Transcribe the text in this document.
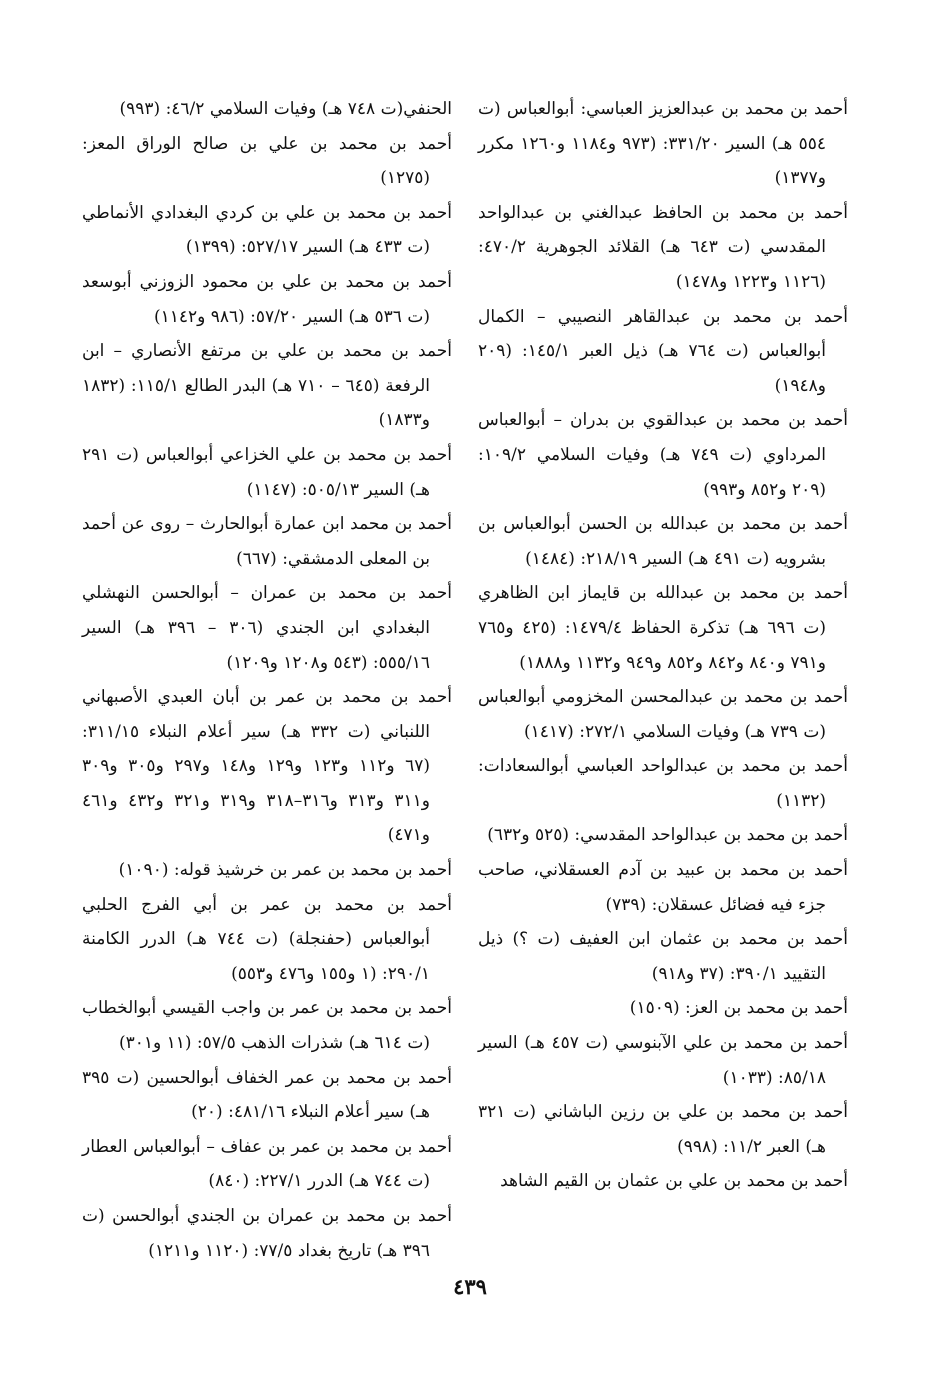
أحمد بن محمد بن عبدالعزيز العباسي: أبوالعباس (ت ٥٥٤ هـ) السير ٣٣١/٢٠: (٩٧٣ و١١٨٤ و١٢٦٠ مكرر و١٣٧٧)

أحمد بن محمد بن الحافظ عبدالغني بن عبدالواحد المقدسي (ت ٦٤٣ هـ) القلائد الجوهرية ٤٧٠/٢: (١١٢٦ و١٢٢٣ و١٤٧٨)

أحمد بن محمد بن عبدالقاهر النصيبي – الكمال أبوالعباس (ت ٧٦٤ هـ) ذيل العبر ١٤٥/١: (٢٠٩ و١٩٤٨)

أحمد بن محمد بن عبدالقوي بن بدران – أبوالعباس المرداوي (ت ٧٤٩ هـ) وفيات السلامي ١٠٩/٢: (٢٠٩ و٨٥٢ و٩٩٣)

أحمد بن محمد بن عبدالله بن الحسن أبوالعباس بن بشرويه (ت ٤٩١ هـ) السير ٢١٨/١٩: (١٤٨٤)

أحمد بن محمد بن عبدالله بن قايماز ابن الظاهري (ت ٦٩٦ هـ) تذكرة الحفاظ ١٤٧٩/٤: (٤٢٥ و٧٦٥ و٧٩١ و٨٤٠ و٨٤٢ و٨٥٢ و٩٤٩ و١١٣٢ و١٨٨٨)

أحمد بن محمد بن عبدالمحسن المخزومي أبوالعباس (ت ٧٣٩ هـ) وفيات السلامي ٢٧٢/١: (١٤١٧)

أحمد بن محمد بن عبدالواحد العباسي أبوالسعادات: (١١٣٢)

أحمد بن محمد بن عبدالواحد المقدسي: (٥٢٥ و٦٣٢)

أحمد بن محمد بن عبيد بن آدم العسقلاني، صاحب جزء فيه فضائل عسقلان: (٧٣٩)

أحمد بن محمد بن عثمان ابن العفيف (ت ؟) ذيل التقييد ٣٩٠/١: (٣٧ و٩١٨)

أحمد بن محمد بن العز: (١٥٠٩)

أحمد بن محمد بن علي الآبنوسي (ت ٤٥٧ هـ) السير ٨٥/١٨: (١٠٣٣)

أحمد بن محمد بن علي بن رزين الباشاني (ت ٣٢١ هـ) العبر ١١/٢: (٩٩٨)

أحمد بن محمد بن علي بن عثمان بن القيم الشاهد

الحنفي(ت ٧٤٨ هـ) وفيات السلامي ٤٦/٢: (٩٩٣)

أحمد بن محمد بن علي بن صالح الوراق المعز: (١٢٧٥)

أحمد بن محمد بن علي بن كردي البغدادي الأنماطي (ت ٤٣٣ هـ) السير ٥٢٧/١٧: (١٣٩٩)

أحمد بن محمد بن علي بن محمود الزوزني أبوسعد (ت ٥٣٦ هـ) السير ٥٧/٢٠: (٩٨٦ و١١٤٢)

أحمد بن محمد بن علي بن مرتفع الأنصاري – ابن الرفعة (٦٤٥ – ٧١٠ هـ) البدر الطالع ١١٥/١: (١٨٣٢ و١٨٣٣)

أحمد بن محمد بن علي الخزاعي أبوالعباس (ت ٢٩١ هـ) السير ٥٠٥/١٣: (١١٤٧)

أحمد بن محمد ابن عمارة أبوالحارث – روى عن أحمد بن المعلى الدمشقي: (٦٦٧)

أحمد بن محمد بن عمران – أبوالحسن النهشلي البغدادي ابن الجندي (٣٠٦ – ٣٩٦ هـ) السير ٥٥٥/١٦: (٥٤٣ و١٢٠٨ و١٢٠٩)

أحمد بن محمد بن عمر بن أبان العبدي الأصبهاني اللنباني (ت ٣٣٢ هـ) سير أعلام النبلاء ٣١١/١٥: (٦٧ و١١٢ و١٢٣ و١٢٩ و١٤٨ و٢٩٧ و٣٠٥ و٣٠٩ و٣١١ و٣١٣ و٣١٦–٣١٨ و٣١٩ و٣٢١ و٤٣٢ و٤٦١ و٤٧١)

أحمد بن محمد بن عمر بن خرشيذ قوله: (١٠٩٠)

أحمد بن محمد بن عمر بن أبي الفرج الحلبي أبوالعباس (حفنجلة) (ت ٧٤٤ هـ) الدرر الكامنة ٢٩٠/١: (١ و١٥٥ و٤٧٦ و٥٥٣)

أحمد بن محمد بن عمر بن واجب القيسي أبوالخطاب (ت ٦١٤ هـ) شذرات الذهب ٥٧/٥: (١١ و٣٠١)

أحمد بن محمد بن عمر الخفاف أبوالحسين (ت ٣٩٥ هـ) سير أعلام النبلاء ٤٨١/١٦: (٢٠)

أحمد بن محمد بن عمر بن عفاف – أبوالعباس العطار (ت ٧٤٤ هـ) الدرر ٢٢٧/١: (٨٤٠)

أحمد بن محمد بن عمران بن الجندي أبوالحسن (ت ٣٩٦ هـ) تاريخ بغداد ٧٧/٥: (١١٢٠ و١٢١١)

٤٣٩
